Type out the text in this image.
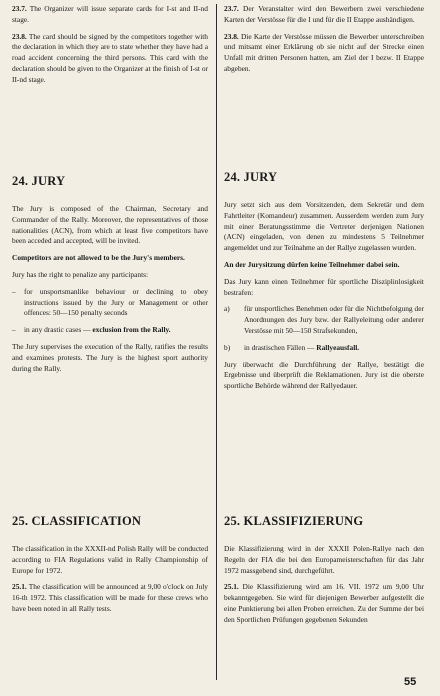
23.7. The Organizer will issue separate cards for I-st and II-nd stage.

23.8. The card should be signed by the competitors together with the declaration in which they are to state whether they have had a road accident concerning the third persons. This card with the declaration should be given to the Organizer at the finish of I-st or II-nd stage.

24. JURY

The Jury is composed of the Chairman, Secretary and Commander of the Rally. Moreover, the representatives of those nationalities (ACN), from which at least five competitors have been acceded and accepted, will be invited.

Competitors are not allowed to be the Jury's members.

Jury has the right to penalize any participants:

–	for unsportsmanlike behaviour or declining to obey instructions issued by the Jury or Management or other offences: 50—150 penalty seconds
–	in any drastic cases — exclusion from the Rally.

The Jury supervises the execution of the Rally, ratifies the results and examines protests. The Jury is the highest sport authority during the Rally.

25. CLASSIFICATION

The classification in the XXXII-nd Polish Rally will be conducted according to FIA Regulations valid in Rally Championship of Europe for 1972.

25.1. The classification will be announced at 9,00 o'clock on July 16-th 1972. This classification will be made for these crews who have been noted in all Rally tests.

23.7. Der Veranstalter wird den Bewerbern zwei verschiedene Karten der Verstösse für die I und für die II Etappe aushändigen.

23.8. Die Karte der Verstösse müssen die Bewerber unterschreiben und mitsamt einer Erklärung ob sie nicht auf der Strecke einen Unfall mit dritten Personen hatten, am Ziel der I bezw. II Etappe abgeben.

24. JURY

Jury setzt sich aus dem Vorsitzenden, dem Sekretär und dem Fahrtleiter (Komandeur) zusammen. Ausserdem werden zum Jury mit einer Beratungsstimme die Vertreter derjenigen Nationen (ACN) eingeladen, von denen zu mindestens 5 Teilnehmer angemeldet und zur Teilnahme an der Rallye zugelassen wurden.

An der Jurysitzung dürfen keine Teilnehmer dabei sein.

Das Jury kann einen Teilnehmer für sportliche Disziplinlosigkeit bestrafen:

a)	für unsportliches Benehmen oder für die Nichtbefolgung der Anordnungen des Jury bzw. der Rallyeleitung oder anderer Verstösse mit 50—150 Strafsekunden,
b)	in drastischen Fällen — Rallyeausfall.

Jury überwacht die Durchführung der Rallye, bestätigt die Ergebnisse und überprüft die Reklamationen. Jury ist die oberste sportliche Behörde während der Rallyedauer.

25. KLASSIFIZIERUNG

Die Klassifizierung wird in der XXXII Polen-Rallye nach den Regeln der FIA die bei den Europameisterschaften für das Jahr 1972 massgebend sind, durchgeführt.

25.1. Die Klassifizierung wird am 16. VII. 1972 um 9,00 Uhr bekanntgegeben. Sie wird für diejenigen Bewerber aufgestellt die eine Punktierung bei allen Proben erreichen. Zu der Summe der bei den Sportlichen Prüfungen gegebenen Sekunden

55
